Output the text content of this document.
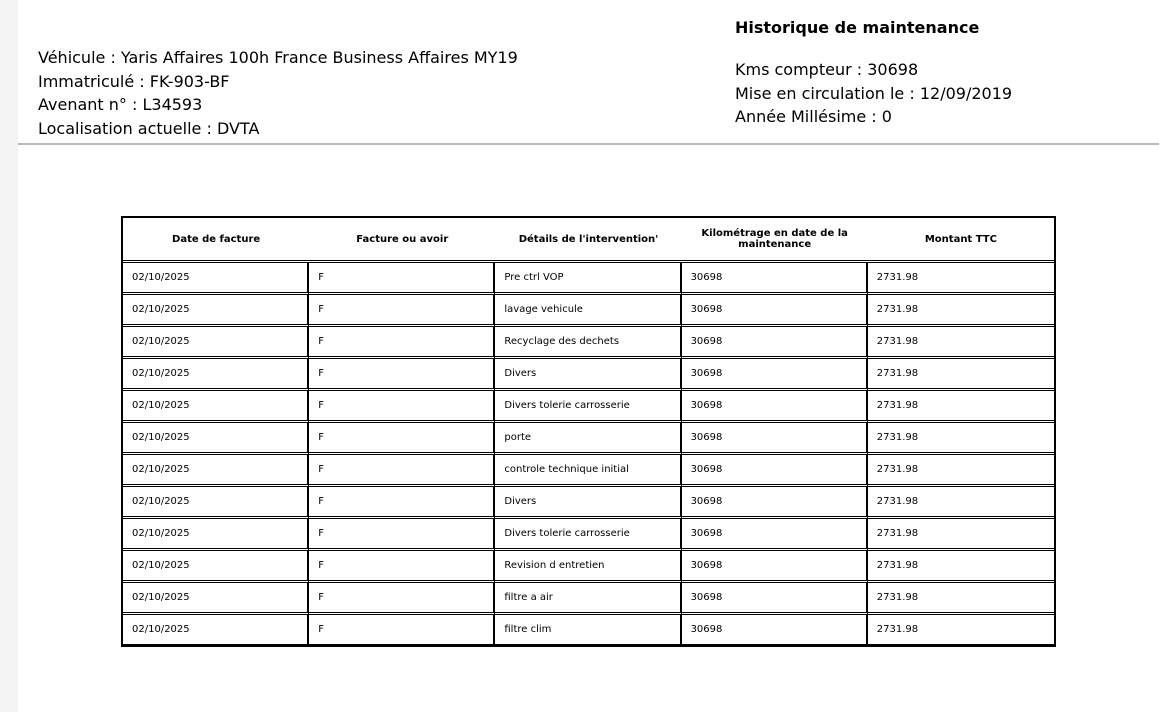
Véhicule : Yaris Affaires 100h France Business Affaires MY19
Immatriculé : FK-903-BF
Avenant n° : L34593
Localisation actuelle : DVTA
Historique de maintenance
Kms compteur : 30698
Mise en circulation le : 12/09/2019
Année Millésime : 0
Date de facture	Facture ou avoir	Détails de l'intervention'	Kilométrage en date de la maintenance	Montant TTC
02/10/2025	F	Pre ctrl VOP	30698	2731.98
02/10/2025	F	lavage vehicule	30698	2731.98
02/10/2025	F	Recyclage des dechets	30698	2731.98
02/10/2025	F	Divers	30698	2731.98
02/10/2025	F	Divers tolerie carrosserie	30698	2731.98
02/10/2025	F	porte	30698	2731.98
02/10/2025	F	controle technique initial	30698	2731.98
02/10/2025	F	Divers	30698	2731.98
02/10/2025	F	Divers tolerie carrosserie	30698	2731.98
02/10/2025	F	Revision d entretien	30698	2731.98
02/10/2025	F	filtre a air	30698	2731.98
02/10/2025	F	filtre clim	30698	2731.98
